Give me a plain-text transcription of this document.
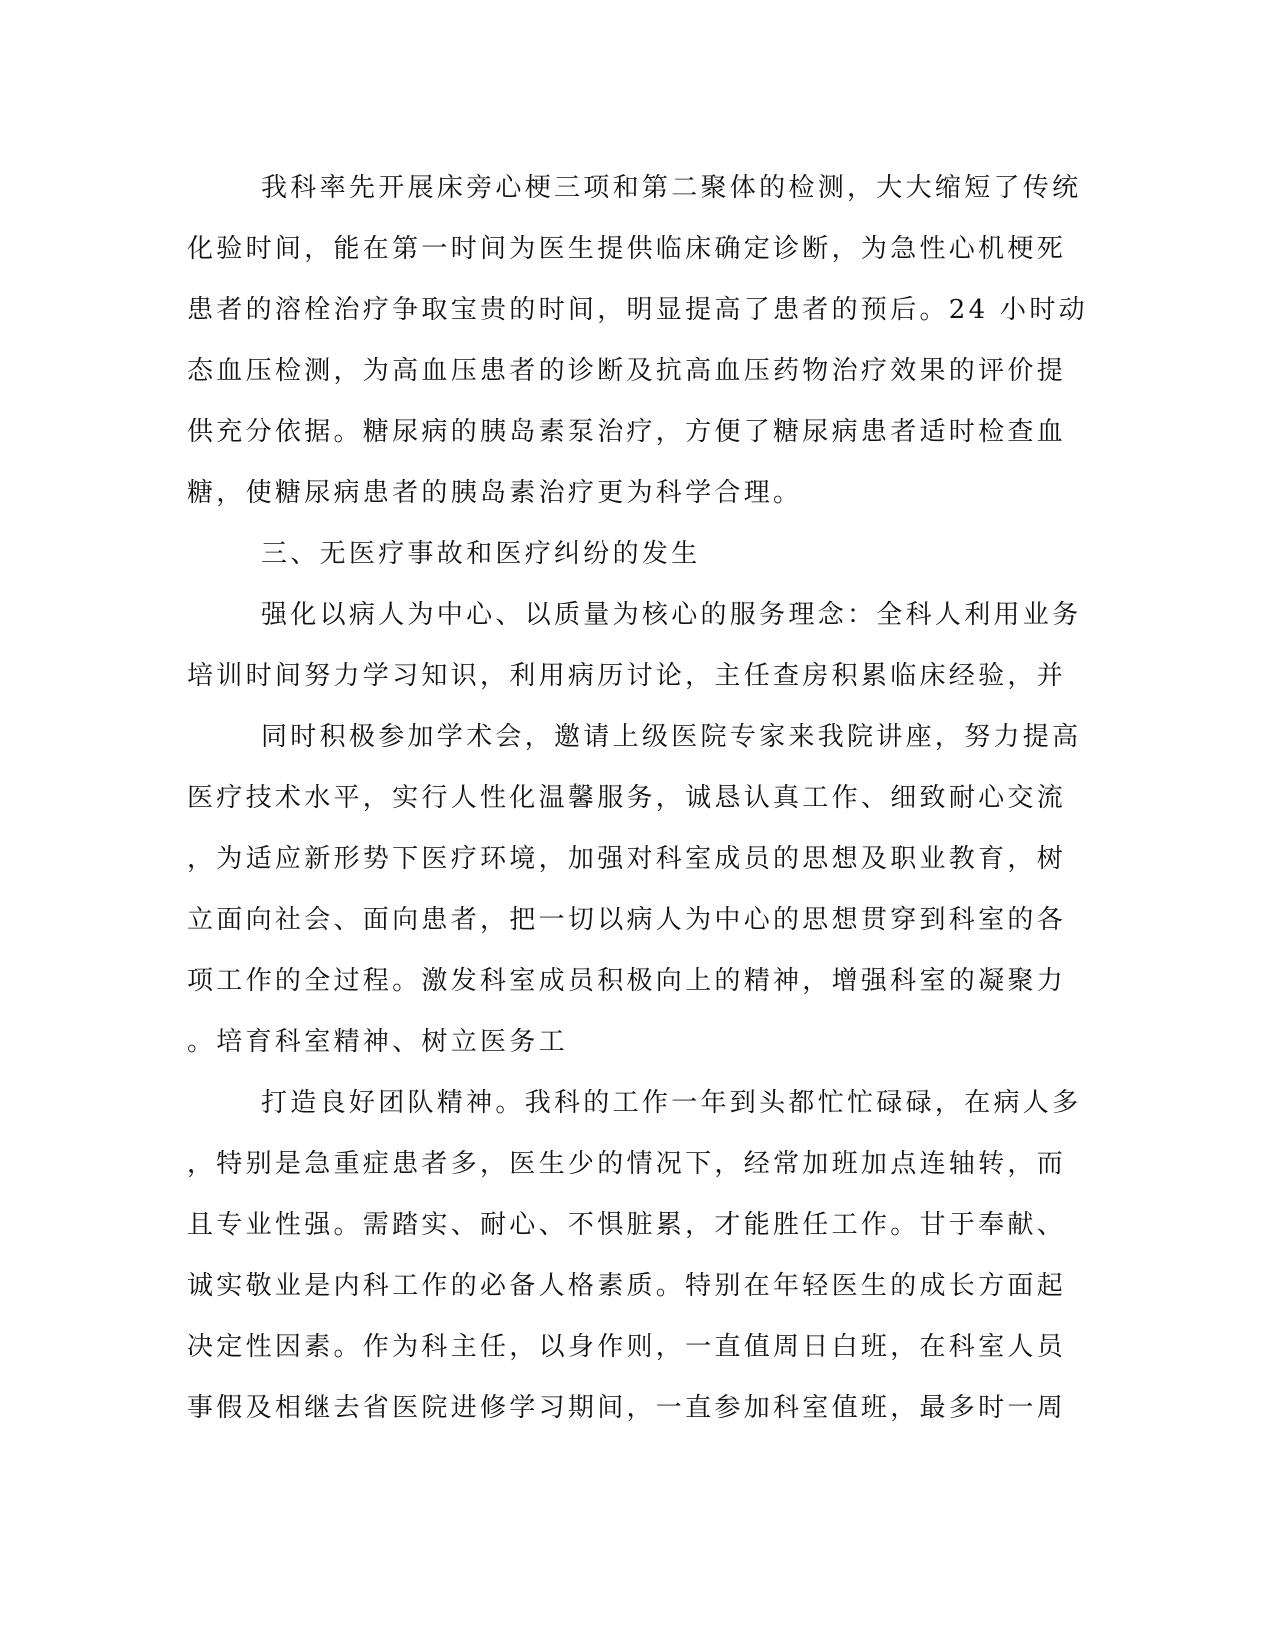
我科率先开展床旁心梗三项和第二聚体的检测，大大缩短了传统
化验时间，能在第一时间为医生提供临床确定诊断，为急性心机梗死
患者的溶栓治疗争取宝贵的时间，明显提高了患者的预后。24 小时动
态血压检测，为高血压患者的诊断及抗高血压药物治疗效果的评价提
供充分依据。糖尿病的胰岛素泵治疗，方便了糖尿病患者适时检查血
糖，使糖尿病患者的胰岛素治疗更为科学合理。
三、无医疗事故和医疗纠纷的发生
强化以病人为中心、以质量为核心的服务理念：全科人利用业务
培训时间努力学习知识，利用病历讨论，主任查房积累临床经验，并
同时积极参加学术会，邀请上级医院专家来我院讲座，努力提高
医疗技术水平，实行人性化温馨服务，诚恳认真工作、细致耐心交流
，为适应新形势下医疗环境，加强对科室成员的思想及职业教育，树
立面向社会、面向患者，把一切以病人为中心的思想贯穿到科室的各
项工作的全过程。激发科室成员积极向上的精神，增强科室的凝聚力
。培育科室精神、树立医务工
打造良好团队精神。我科的工作一年到头都忙忙碌碌，在病人多
，特别是急重症患者多，医生少的情况下，经常加班加点连轴转，而
且专业性强。需踏实、耐心、不惧脏累，才能胜任工作。甘于奉献、
诚实敬业是内科工作的必备人格素质。特别在年轻医生的成长方面起
决定性因素。作为科主任，以身作则，一直值周日白班，在科室人员
事假及相继去省医院进修学习期间，一直参加科室值班，最多时一周
